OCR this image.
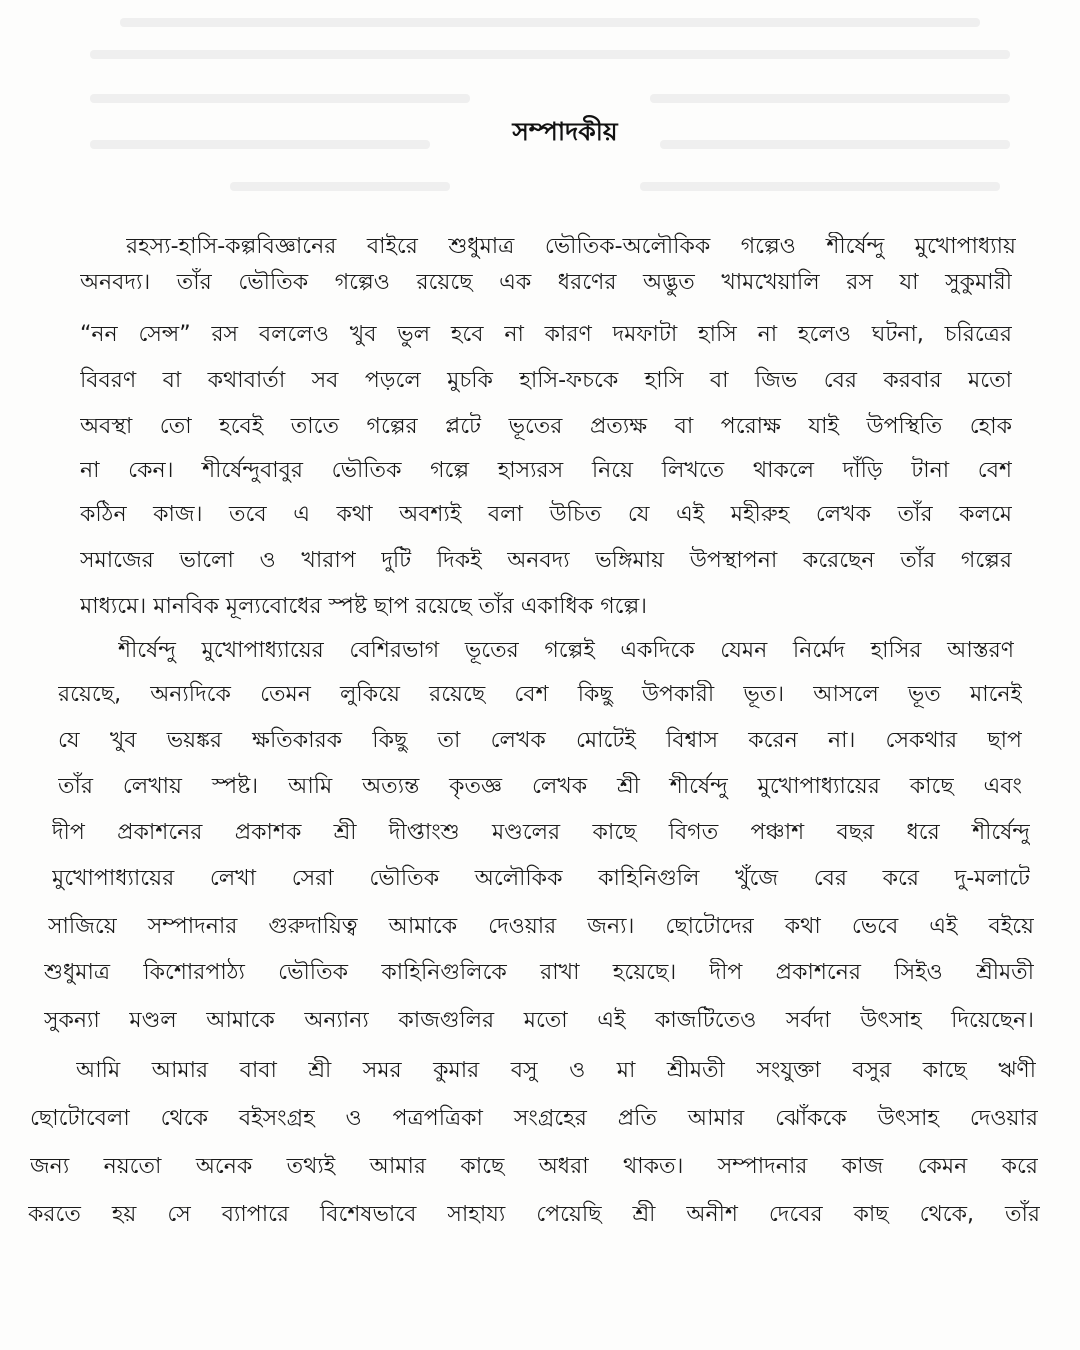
সম্পাদকীয়
রহস্য-হাসি-কল্পবিজ্ঞানের বাইরে শুধুমাত্র ভৌতিক-অলৌকিক গল্পেও শীর্ষেন্দু মুখোপাধ্যায়
অনবদ্য। তাঁর ভৌতিক গল্পেও রয়েছে এক ধরণের অদ্ভুত খামখেয়ালি রস যা সুকুমারী
“নন সেন্স” রস বললেও খুব ভুল হবে না কারণ দমফাটা হাসি না হলেও ঘটনা, চরিত্রের
বিবরণ বা কথাবার্তা সব পড়লে মুচকি হাসি-ফচকে হাসি বা জিভ বের করবার মতো
অবস্থা তো হবেই তাতে গল্পের প্লটে ভূতের প্রত্যক্ষ বা পরোক্ষ যাই উপস্থিতি হোক
না কেন। শীর্ষেন্দুবাবুর ভৌতিক গল্পে হাস্যরস নিয়ে লিখতে থাকলে দাঁড়ি টানা বেশ
কঠিন কাজ। তবে এ কথা অবশ্যই বলা উচিত যে এই মহীরুহ লেখক তাঁর কলমে
সমাজের ভালো ও খারাপ দুটি দিকই অনবদ্য ভঙ্গিমায় উপস্থাপনা করেছেন তাঁর গল্পের
মাধ্যমে। মানবিক মূল্যবোধের স্পষ্ট ছাপ রয়েছে তাঁর একাধিক গল্পে।
শীর্ষেন্দু মুখোপাধ্যায়ের বেশিরভাগ ভূতের গল্পেই একদিকে যেমন নির্মেদ হাসির আস্তরণ
রয়েছে, অন্যদিকে তেমন লুকিয়ে রয়েছে বেশ কিছু উপকারী ভূত। আসলে ভূত মানেই
যে খুব ভয়ঙ্কর ক্ষতিকারক কিছু তা লেখক মোটেই বিশ্বাস করেন না। সেকথার ছাপ
তাঁর লেখায় স্পষ্ট। আমি অত্যন্ত কৃতজ্ঞ লেখক শ্রী শীর্ষেন্দু মুখোপাধ্যায়ের কাছে এবং
দীপ প্রকাশনের প্রকাশক শ্রী দীপ্তাংশু মণ্ডলের কাছে বিগত পঞ্চাশ বছর ধরে শীর্ষেন্দু
মুখোপাধ্যায়ের লেখা সেরা ভৌতিক অলৌকিক কাহিনিগুলি খুঁজে বের করে দু-মলাটে
সাজিয়ে সম্পাদনার গুরুদায়িত্ব আমাকে দেওয়ার জন্য। ছোটোদের কথা ভেবে এই বইয়ে
শুধুমাত্র কিশোরপাঠ্য ভৌতিক কাহিনিগুলিকে রাখা হয়েছে। দীপ প্রকাশনের সিইও শ্রীমতী
সুকন্যা মণ্ডল আমাকে অন্যান্য কাজগুলির মতো এই কাজটিতেও সর্বদা উৎসাহ দিয়েছেন।
আমি আমার বাবা শ্রী সমর কুমার বসু ও মা শ্রীমতী সংযুক্তা বসুর কাছে ঋণী
ছোটোবেলা থেকে বইসংগ্রহ ও পত্রপত্রিকা সংগ্রহের প্রতি আমার ঝোঁককে উৎসাহ দেওয়ার
জন্য নয়তো অনেক তথ্যই আমার কাছে অধরা থাকত। সম্পাদনার কাজ কেমন করে
করতে হয় সে ব্যাপারে বিশেষভাবে সাহায্য পেয়েছি শ্রী অনীশ দেবের কাছ থেকে, তাঁর
